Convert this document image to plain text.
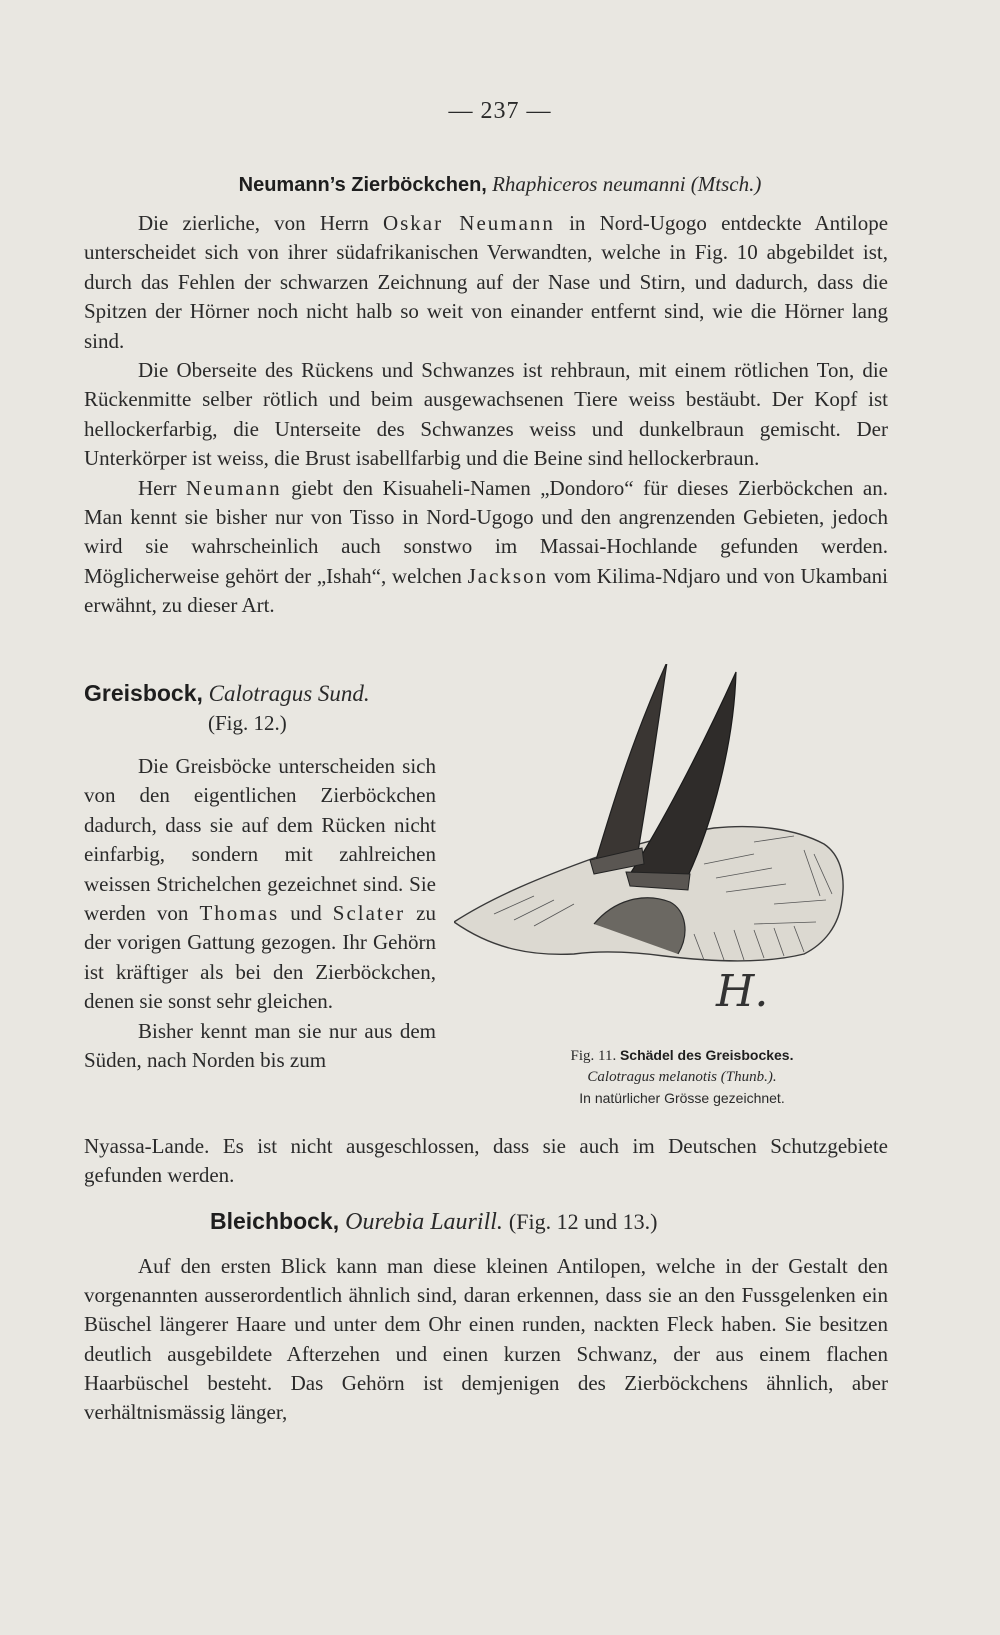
— 237 —
Neumann’s Zierböckchen, Rhaphiceros neumanni (Mtsch.)

Die zierliche, von Herrn Oskar Neumann in Nord-Ugogo entdeckte Antilope unterscheidet sich von ihrer südafrikanischen Verwandten, welche in Fig. 10 abgebildet ist, durch das Fehlen der schwarzen Zeichnung auf der Nase und Stirn, und dadurch, dass die Spitzen der Hörner noch nicht halb so weit von einander entfernt sind, wie die Hörner lang sind.

Die Oberseite des Rückens und Schwanzes ist rehbraun, mit einem rötlichen Ton, die Rückenmitte selber rötlich und beim ausgewachsenen Tiere weiss bestäubt. Der Kopf ist hellockerfarbig, die Unterseite des Schwanzes weiss und dunkelbraun gemischt. Der Unterkörper ist weiss, die Brust isabellfarbig und die Beine sind hellockerbraun.

Herr Neumann giebt den Kisuaheli-Namen „Dondoro“ für dieses Zierböckchen an. Man kennt sie bisher nur von Tisso in Nord-Ugogo und den angrenzenden Gebieten, jedoch wird sie wahrscheinlich auch sonstwo im Massai-Hochlande gefunden werden. Möglicherweise gehört der „Ishah“, welchen Jackson vom Kilima-Ndjaro und von Ukambani erwähnt, zu dieser Art.

Greisbock, Calotragus Sund.
(Fig. 12.)

Die Greisböcke unterscheiden sich von den eigentlichen Zierböckchen dadurch, dass sie auf dem Rücken nicht einfarbig, sondern mit zahlreichen weissen Strichelchen gezeichnet sind. Sie werden von Thomas und Sclater zu der vorigen Gattung gezogen. Ihr Gehörn ist kräftiger als bei den Zierböckchen, denen sie sonst sehr gleichen.

Bisher kennt man sie nur aus dem Süden, nach Norden bis zum

Nyassa-Lande. Es ist nicht ausgeschlossen, dass sie auch im Deutschen Schutzgebiete gefunden werden.

H.
Fig. 11. Schädel des Greisbockes.
Calotragus melanotis (Thunb.).
In natürlicher Grösse gezeichnet.
Bleichbock, Ourebia Laurill. (Fig. 12 und 13.)

Auf den ersten Blick kann man diese kleinen Antilopen, welche in der Gestalt den vorgenannten ausserordentlich ähnlich sind, daran erkennen, dass sie an den Fussgelenken ein Büschel längerer Haare und unter dem Ohr einen runden, nackten Fleck haben. Sie besitzen deutlich ausgebildete Afterzehen und einen kurzen Schwanz, der aus einem flachen Haarbüschel besteht. Das Gehörn ist demjenigen des Zierböckchens ähnlich, aber verhältnismässig länger,
